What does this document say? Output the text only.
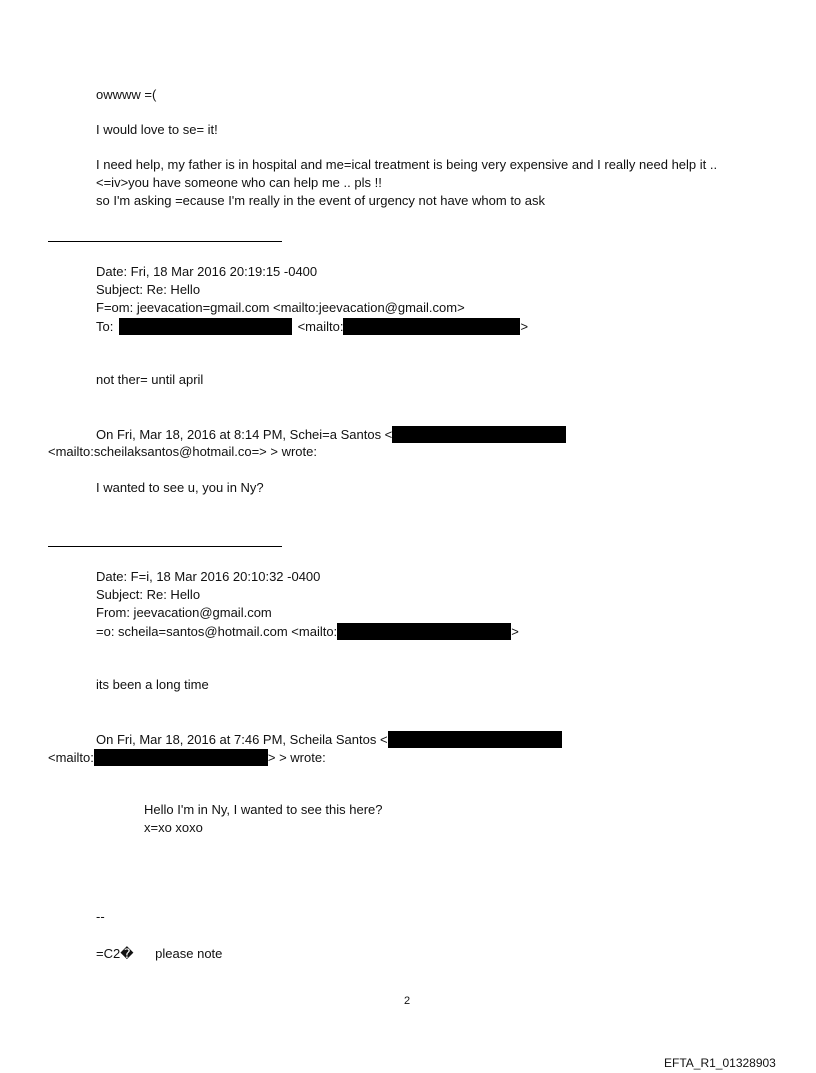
owwww =(
I would love to se= it!
I need help, my father is in hospital and me=ical treatment is being very expensive and I really need help it ..
<=iv>you have someone who can help me .. pls !!
so I'm asking =ecause I'm really in the event of urgency not have whom to ask
Date: Fri, 18 Mar 2016 20:19:15 -0400
Subject: Re: Hello
F=om: jeevacation=gmail.com <mailto:jeevacation@gmail.com>
To:	<mailto:	>
not ther= until april
On Fri, Mar 18, 2016 at 8:14 PM, Schei=a Santos <
<mailto:scheilaksantos@hotmail.co=> > wrote:
I wanted to see u, you in Ny?
Date: F=i, 18 Mar 2016 20:10:32 -0400
Subject: Re: Hello
From: jeevacation@gmail.com
=o: scheila=santos@hotmail.com <mailto:	>
its been a long time
On Fri, Mar 18, 2016 at 7:46 PM, Scheila Santos <
<mailto:	> > wrote:
Hello I'm in Ny, I wanted to see this here?
x=xo xoxo
--
=C2� please note
2
EFTA_R1_01328903
